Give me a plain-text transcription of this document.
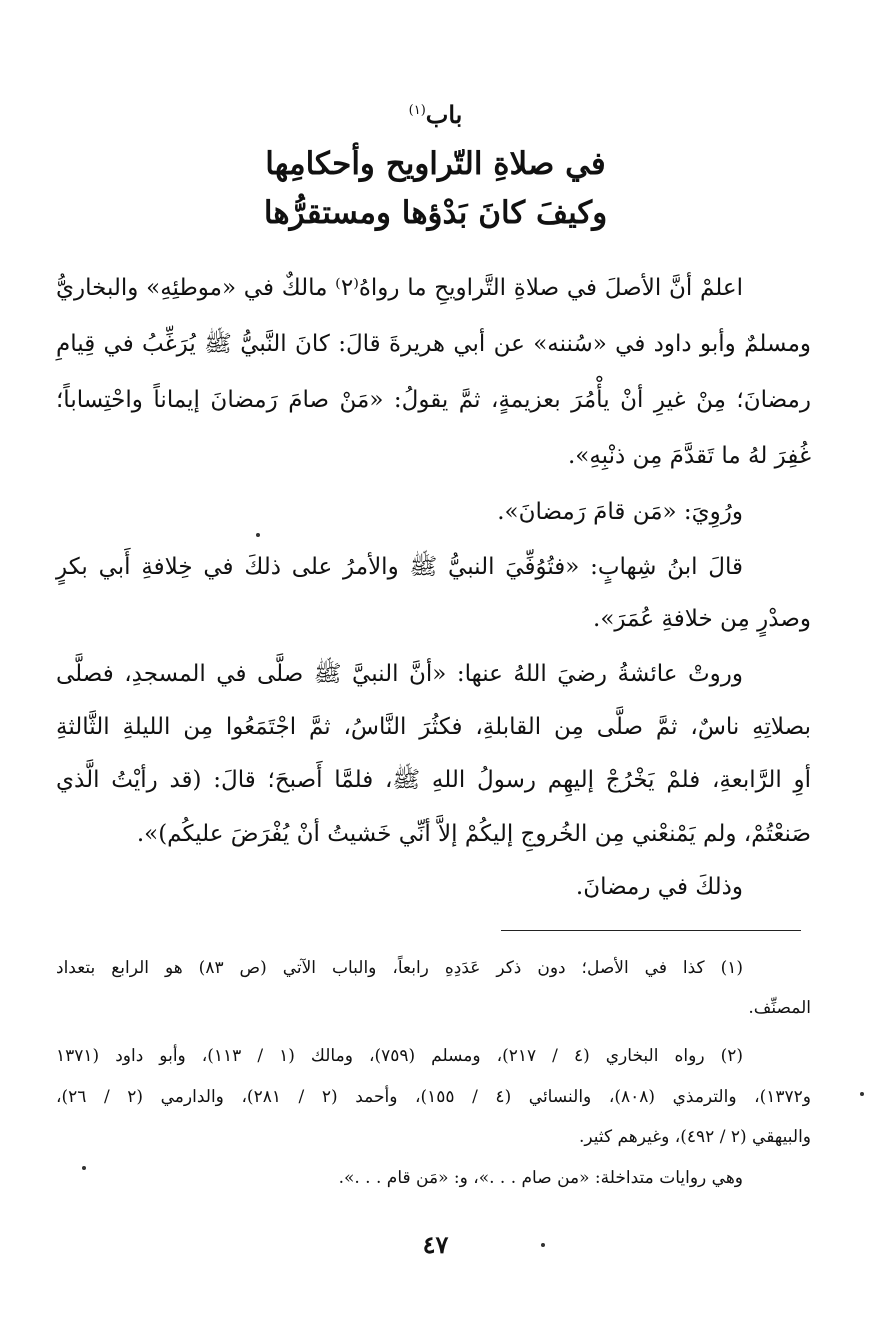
باب$^{(١)}$
في صلاةِ التّراويح وأحكامِها
وكيفَ كانَ بَدْؤها ومستقرُّها
اعلمْ أنَّ الأصلَ في صلاةِ التَّراويحِ ما رواهُ⁽٢⁾ مالكٌ في «موطئِهِ» والبخاريُّ
ومسلمٌ وأبو داود في «سُننه» عن أبي هريرةَ قالَ: كانَ النَّبيُّ ﷺ يُرَغِّبُ في قِيامِ
رمضانَ؛ مِنْ غيرِ أنْ يأْمُرَ بعزيمةٍ، ثمَّ يقولُ: «مَنْ صامَ رَمضانَ إيماناً واحْتِساباً؛
غُفِرَ لهُ ما تَقدَّمَ مِن ذنْبِهِ».
ورُوِيَ: «مَن قامَ رَمضانَ».
قالَ ابنُ شِهابٍ: «فتُوُفِّيَ النبيُّ ﷺ والأمرُ على ذلكَ في خِلافةِ أَبي بكرٍ
وصدْرٍ مِن خلافةِ عُمَرَ».
وروتْ عائشةُ رضيَ اللهُ عنها: «أنَّ النبيَّ ﷺ صلَّى في المسجدِ، فصلَّى
بصلاتِهِ ناسٌ، ثمَّ صلَّى مِن القابلةِ، فكثُرَ النَّاسُ، ثمَّ اجْتَمَعُوا مِن الليلةِ الثَّالثةِ
أوِ الرَّابعةِ، فلمْ يَخْرُجْ إليهِم رسولُ اللهِ ﷺ، فلمَّا أَصبحَ؛ قالَ: (قد رأيْتُ الَّذي
صَنعْتُمْ، ولم يَمْنعْني مِن الخُروجِ إليكُمْ إلاَّ أنِّي خَشيتُ أنْ يُفْرَضَ عليكُم)».
وذلكَ في رمضانَ.
(١) كذا في الأصل؛ دون ذكر عَدَدِهِ رابعاً، والباب الآتي (ص ٨٣) هو الرابع بتعداد
المصنِّف.
(٢) رواه البخاري (٤ / ٢١٧)، ومسلم (٧٥٩)، ومالك (١ / ١١٣)، وأبو داود (١٣٧١
و١٣٧٢)، والترمذي (٨٠٨)، والنسائي (٤ / ١٥٥)، وأحمد (٢ / ٢٨١)، والدارمي (٢ / ٢٦)،
والبيهقي (٢ / ٤٩٢)، وغيرهم كثير.
وهي روايات متداخلة: «من صام . . .»، و: «مَن قام . . .».
٤٧
